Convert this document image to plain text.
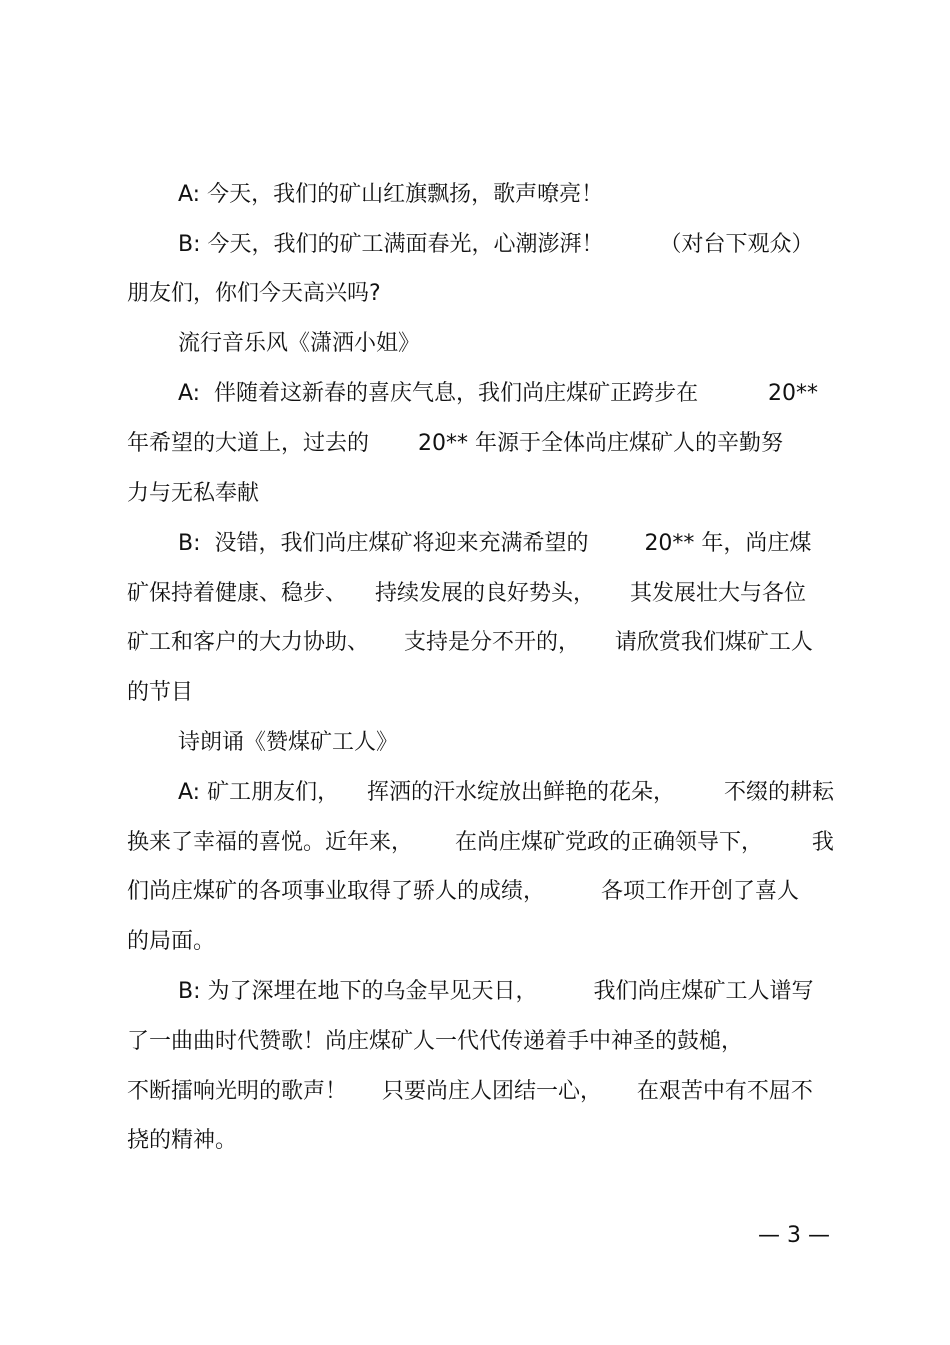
A: 今天，我们的矿山红旗飘扬，歌声嘹亮！
B: 今天，我们的矿工满面春光，心潮澎湃！        （对台下观众）
朋友们，你们今天高兴吗?
流行音乐风《潇洒小姐》
A:  伴随着这新春的喜庆气息，我们尚庄煤矿正跨步在          20**
年希望的大道上，过去的       20** 年源于全体尚庄煤矿人的辛勤努
力与无私奉献
B:  没错，我们尚庄煤矿将迎来充满希望的        20** 年，尚庄煤
矿保持着健康、稳步、    持续发展的良好势头，     其发展壮大与各位
矿工和客户的大力协助、     支持是分不开的，     请欣赏我们煤矿工人
的节目
诗朗诵《赞煤矿工人》
A: 矿工朋友们，    挥洒的汗水绽放出鲜艳的花朵，       不缀的耕耘
换来了幸福的喜悦。近年来，      在尚庄煤矿党政的正确领导下，       我
们尚庄煤矿的各项事业取得了骄人的成绩，        各项工作开创了喜人
的局面。
B: 为了深埋在地下的乌金早见天日，        我们尚庄煤矿工人谱写
了一曲曲时代赞歌！尚庄煤矿人一代代传递着手中神圣的鼓槌，
不断擂响光明的歌声！     只要尚庄人团结一心，     在艰苦中有不屈不
挠的精神。
— 3 —
